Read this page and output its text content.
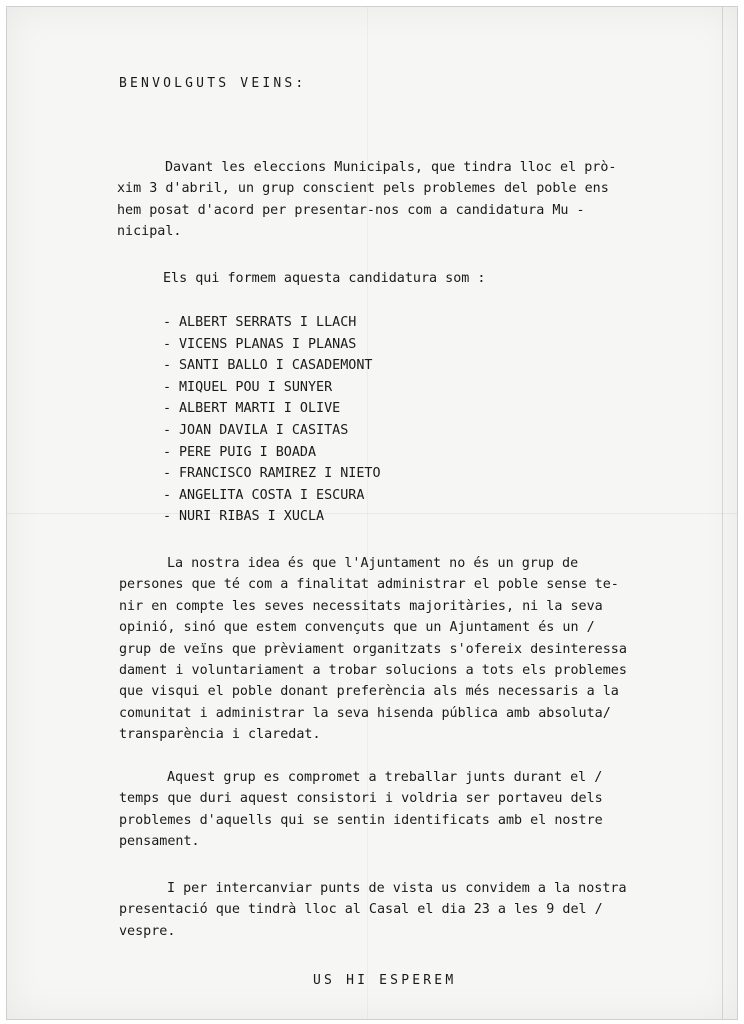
BENVOLGUTS VEINS:
Davant les eleccions Municipals, que tindra lloc el prò-
xim 3 d'abril, un grup conscient pels problemes del poble ens
hem posat d'acord per presentar-nos com a candidatura Mu -
nicipal.
Els qui formem aquesta candidatura som :
- ALBERT SERRATS I LLACH
- VICENS PLANAS I PLANAS
- SANTI BALLO I CASADEMONT
- MIQUEL POU I SUNYER
- ALBERT MARTI I OLIVE
- JOAN DAVILA I CASITAS
- PERE PUIG I BOADA
- FRANCISCO RAMIREZ I NIETO
- ANGELITA COSTA I ESCURA
- NURI RIBAS I XUCLA
La nostra idea és que l'Ajuntament no és un grup de
persones que té com a finalitat administrar el poble sense te-
nir en compte les seves necessitats majoritàries, ni la seva
opinió, sinó que estem convençuts que un Ajuntament és un /
grup de veïns que prèviament organitzats s'ofereix desinteressa
dament i voluntariament a trobar solucions a tots els problemes
que visqui el poble donant preferència als més necessaris a la
comunitat i administrar la seva hisenda pública amb absoluta/
transparència i claredat.
Aquest grup es compromet a treballar junts durant el /
temps que duri aquest consistori i voldria ser portaveu dels
problemes d'aquells qui se sentin identificats amb el nostre
pensament.
I per intercanviar punts de vista us convidem a la nostra
presentació que tindrà lloc al Casal el dia 23 a les 9 del /
vespre.
US HI ESPEREM
